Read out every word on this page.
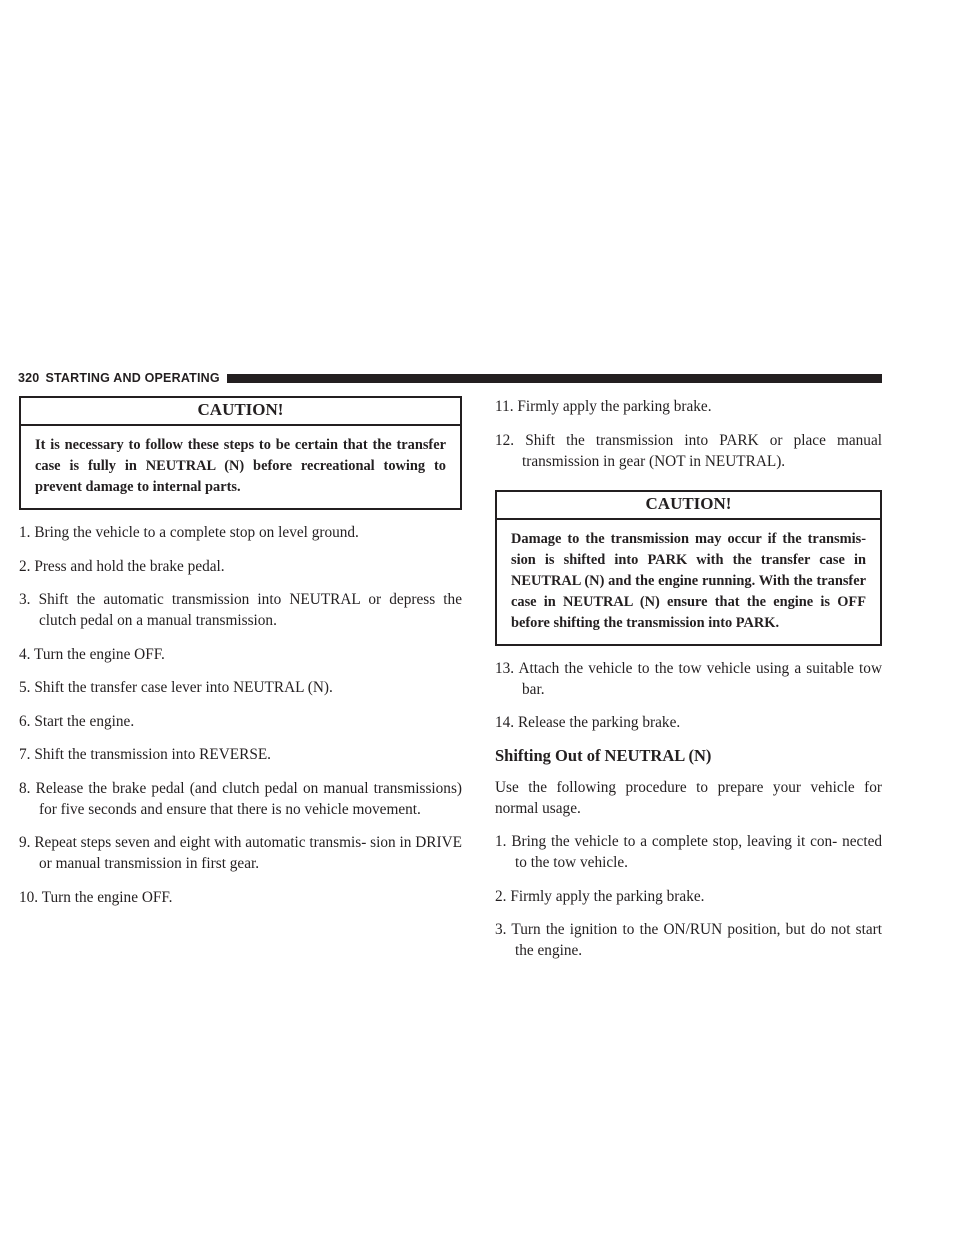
320 STARTING AND OPERATING
CAUTION!
It is necessary to follow these steps to be certain that the transfer case is fully in NEUTRAL (N) before recreational towing to prevent damage to internal parts.
1. Bring the vehicle to a complete stop on level ground.
2. Press and hold the brake pedal.
3. Shift the automatic transmission into NEUTRAL or depress the clutch pedal on a manual transmission.
4. Turn the engine OFF.
5. Shift the transfer case lever into NEUTRAL (N).
6. Start the engine.
7. Shift the transmission into REVERSE.
8. Release the brake pedal (and clutch pedal on manual transmissions) for five seconds and ensure that there is no vehicle movement.
9. Repeat steps seven and eight with automatic transmis- sion in DRIVE or manual transmission in first gear.
10. Turn the engine OFF.
11. Firmly apply the parking brake.
12. Shift the transmission into PARK or place manual transmission in gear (NOT in NEUTRAL).
CAUTION!
Damage to the transmission may occur if the transmis- sion is shifted into PARK with the transfer case in NEUTRAL (N) and the engine running. With the transfer case in NEUTRAL (N) ensure that the engine is OFF before shifting the transmission into PARK.
13. Attach the vehicle to the tow vehicle using a suitable tow bar.
14. Release the parking brake.
Shifting Out of NEUTRAL (N)

Use the following procedure to prepare your vehicle for normal usage.

1. Bring the vehicle to a complete stop, leaving it con- nected to the tow vehicle.
2. Firmly apply the parking brake.
3. Turn the ignition to the ON/RUN position, but do not start the engine.
